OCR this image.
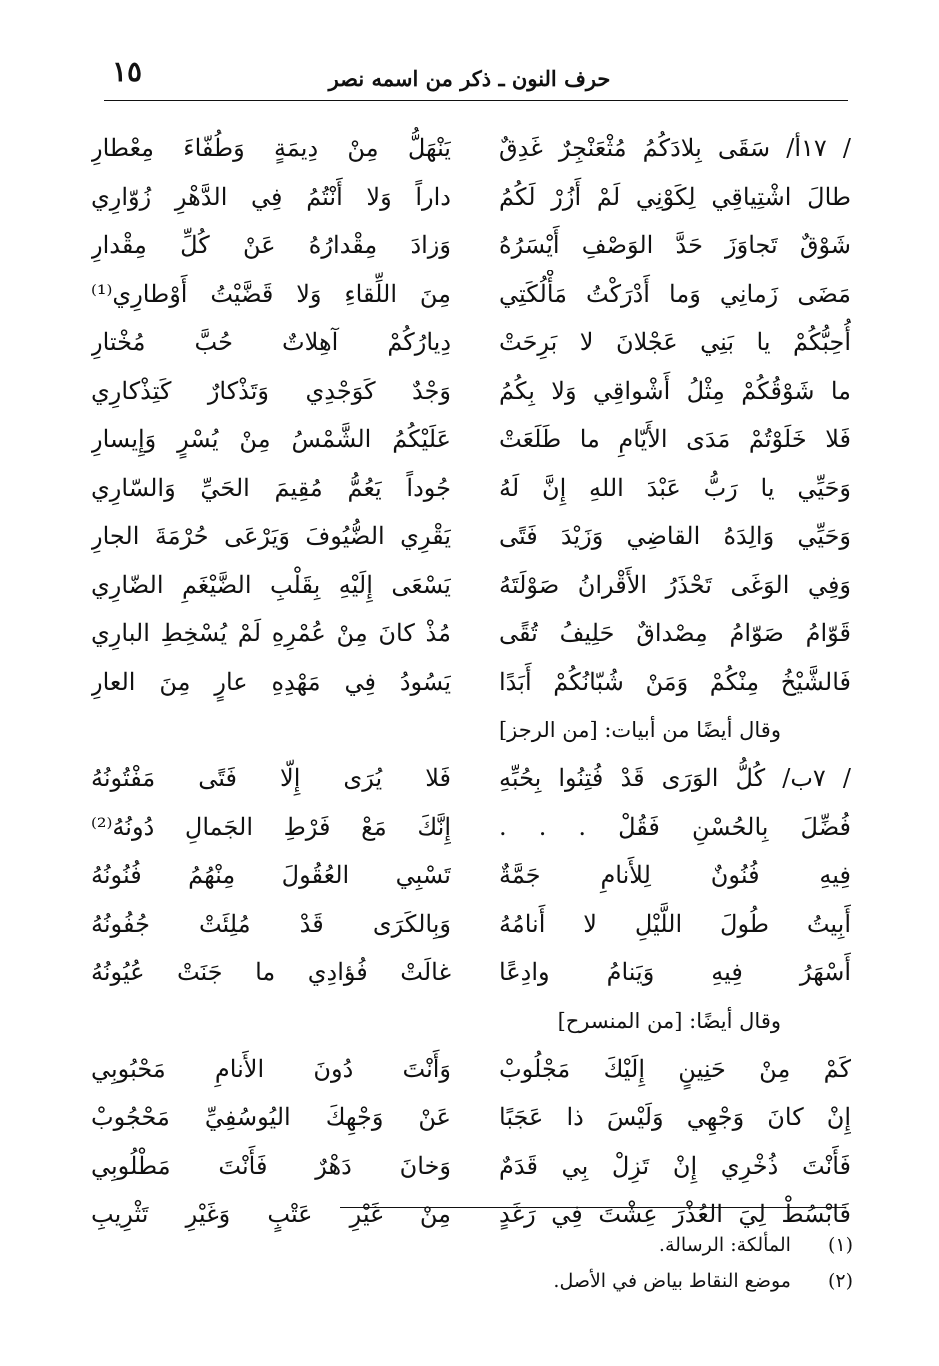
١٥	حرف النون ـ ذكر من اسمه نصر
/ ١٧أ/ سَقَى بِلادَكُمُ مُثْعَنْجِرٌ غَدِقٌ
طالَ اشْتِياقِي لِكَوْنِي لَمْ أَزُرْ لَكُمُ
شَوْقٌ تَجاوَزَ حَدَّ الوَصْفِ أَيْسَرُهُ
مَضَى زَمانِي وَما أَدْرَكْتُ مَأْلُكَتِي
أُحِبُّكُمْ يا بَنِي عَجْلانَ لا بَرِحَتْ
ما شَوْقُكُمْ مِثْلُ أَشْواقِي وَلا بِكُمُ
فَلا خَلَوْتُمْ مَدَى الأَيّامِ ما طَلَعَتْ
وَحَيِّي يا رَبُّ عَبْدَ اللهِ إِنَّ لَهُ
وَحَيِّي وَالِدَهُ القاضِي وَزَيْدَ فَتًى
وَفِي الوَغَى تَحْذَرُ الأَقْرانُ صَوْلَتَهُ
قَوّامُ صَوّامُ مِصْداقٌ حَلِيفُ تُقًى
فَالشَّيْخُ مِنْكُمْ وَمَنْ شُبّانُكُمْ أَبَدًا
وقال أيضًا من أبيات: [من الرجز]
/ ٧ب/ كُلُّ الوَرَى قَدْ فُتِنُوا بِحُبِّهِ
فُضِّلَ بِالحُسْنِ فَقُلْ . . .
فِيهِ فُنُونٌ لِلأَنامِ جَمَّةٌ
أَبِيتُ طُولَ اللَّيْلِ لا أَنامُهُ
أَسْهَرُ فِيهِ وَيَنامُ وادِعًا
وقال أيضًا: [من المنسرح]
كَمْ مِنْ حَنِينٍ إِلَيْكَ مَجْلُوبْ
إِنْ كانَ وَجْهِي وَلَيْسَ ذا عَجَبًا
فَأَنْتَ ذُخْرِي إِنْ تَزِلْ بِي قَدَمٌ
فَابْسُطْ لِيَ العُذْرَ عِشْتَ فِي رَغَدٍ
يَنْهَلُّ مِنْ دِيمَةٍ وَطُفّاءَ مِعْطارِ
داراً وَلا أَنْتُمُ فِي الدَّهْرِ زُوّارِي
وَزادَ مِقْدارُهُ عَنْ كُلِّ مِقْدارِ
مِنَ اللِّقاءِ وَلا قَضَّيْتُ أَوْطارِي⁽¹⁾
دِيارُكُمْ آهِلاتٌ حُبَّ مُخْتارِ
وَجْدٌ كَوَجْدِي وَتَذْكارٌ كَتِذْكارِي
عَلَيْكُمُ الشَّمْسُ مِنْ يُسْرٍ وَإِيسارِ
جُوداً يَعُمُّ مُقِيمَ الحَيِّ وَالسّارِي
يَقْرِي الضُّيُوفَ وَيَرْعَى حُرْمَةَ الجارِ
يَسْعَى إِلَيْهِ بِقَلْبِ الضَّيْغَمِ الضّارِي
مُذْ كانَ مِنْ عُمْرِهِ لَمْ يُسْخِطِ البارِي
يَسُودُ فِي مَهْدِهِ عارٍ مِنَ العارِ
فَلا يُرَى إِلّا فَتًى مَفْتُونُهُ
إِنَّكَ مَعْ فَرْطِ الجَمالِ دُونُهُ⁽²⁾
تَسْبِي العُقُولَ مِنْهُمُ فُنُونُهُ
وَبِالكَرَى قَدْ مُلِئَتْ جُفُونُهُ
غالَتْ فُؤادِي ما جَنَتْ عُيُونُهُ
وَأَنْتَ دُونَ الأَنامِ مَحْبُوبِي
عَنْ وَجْهِكَ اليُوسُفِيِّ مَحْجُوبْ
وَخانَ دَهْرٌ فَأَنْتَ مَطْلُوبِي
مِنْ غَيْرِ عَتْبٍ وَغَيْرِ تَثْرِيبِ
(١) المألكة: الرسالة.
(٢) موضع النقاط بياض في الأصل.
